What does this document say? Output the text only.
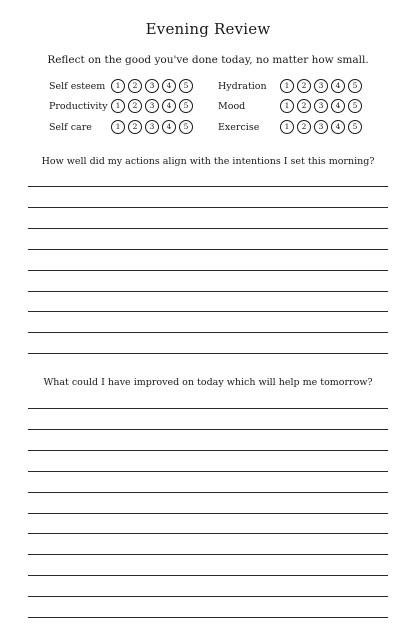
Evening Review
Reflect on the good you've done today, no matter how small.
Self esteem	1	2	3	4	5
Productivity	1	2	3	4	5
Self care	1	2	3	4	5
Hydration	1	2	3	4	5
Mood	1	2	3	4	5
Exercise	1	2	3	4	5
How well did my actions align with the intentions I set this morning?
What could I have improved on today which will help me tomorrow?
